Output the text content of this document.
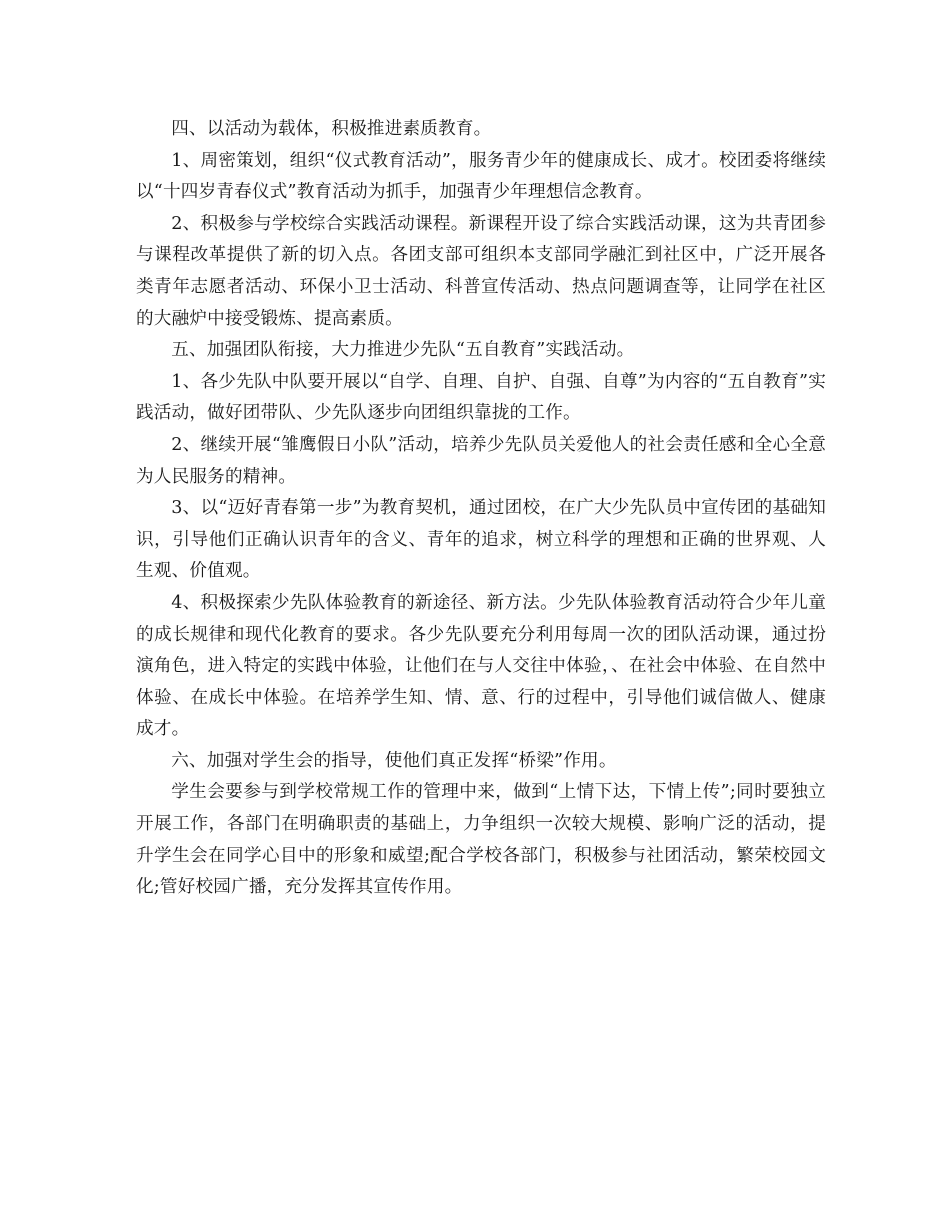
四、以活动为载体，积极推进素质教育。

1、周密策划，组织“仪式教育活动”，服务青少年的健康成长、成才。校团委将继续以“十四岁青春仪式”教育活动为抓手，加强青少年理想信念教育。

2、积极参与学校综合实践活动课程。新课程开设了综合实践活动课，这为共青团参与课程改革提供了新的切入点。各团支部可组织本支部同学融汇到社区中，广泛开展各类青年志愿者活动、环保小卫士活动、科普宣传活动、热点问题调查等，让同学在社区的大融炉中接受锻炼、提高素质。

五、加强团队衔接，大力推进少先队“五自教育”实践活动。

1、各少先队中队要开展以“自学、自理、自护、自强、自尊”为内容的“五自教育”实践活动，做好团带队、少先队逐步向团组织靠拢的工作。

2、继续开展“雏鹰假日小队”活动，培养少先队员关爱他人的社会责任感和全心全意为人民服务的精神。

3、以“迈好青春第一步”为教育契机，通过团校，在广大少先队员中宣传团的基础知识，引导他们正确认识青年的含义、青年的追求，树立科学的理想和正确的世界观、人生观、价值观。

4、积极探索少先队体验教育的新途径、新方法。少先队体验教育活动符合少年儿童的成长规律和现代化教育的要求。各少先队要充分利用每周一次的团队活动课，通过扮演角色，进入特定的实践中体验，让他们在与人交往中体验，、在社会中体验、在自然中体验、在成长中体验。在培养学生知、情、意、行的过程中，引导他们诚信做人、健康成才。

六、加强对学生会的指导，使他们真正发挥“桥梁”作用。

学生会要参与到学校常规工作的管理中来，做到“上情下达，下情上传”;同时要独立开展工作，各部门在明确职责的基础上，力争组织一次较大规模、影响广泛的活动，提升学生会在同学心目中的形象和威望;配合学校各部门，积极参与社团活动，繁荣校园文化;管好校园广播，充分发挥其宣传作用。
